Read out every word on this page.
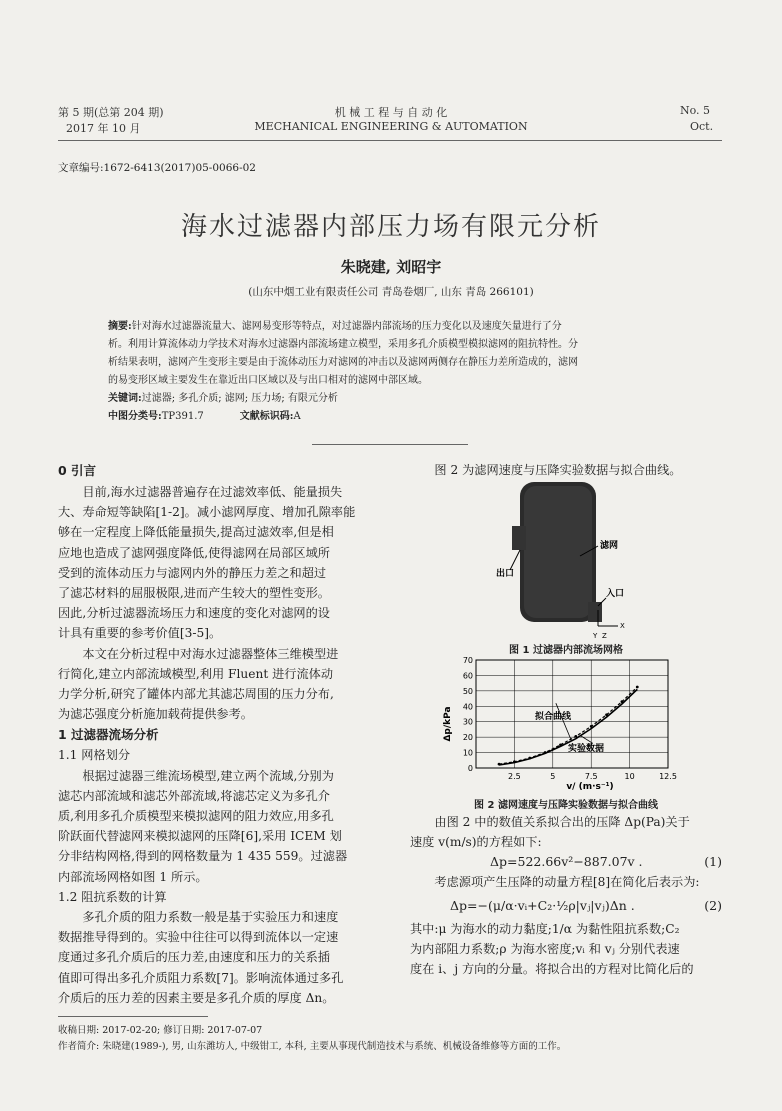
第 5 期(总第 204 期)
2017 年 10 月
机 械 工 程 与 自 动 化
MECHANICAL ENGINEERING & AUTOMATION
No. 5
Oct.
文章编号:1672-6413(2017)05-0066-02
海水过滤器内部压力场有限元分析
朱晓建, 刘昭宇
(山东中烟工业有限责任公司 青岛卷烟厂, 山东 青岛 266101)
摘要:针对海水过滤器流量大、滤网易变形等特点，对过滤器内部流场的压力变化以及速度矢量进行了分
析。利用计算流体动力学技术对海水过滤器内部流场建立模型，采用多孔介质模型模拟滤网的阻抗特性。分
析结果表明，滤网产生变形主要是由于流体动压力对滤网的冲击以及滤网两侧存在静压力差所造成的，滤网
的易变形区域主要发生在靠近出口区域以及与出口相对的滤网中部区域。
关键词:过滤器; 多孔介质; 滤网; 压力场; 有限元分析
中图分类号:TP391.7	文献标识码:A
0 引言
目前,海水过滤器普遍存在过滤效率低、能量损失
大、寿命短等缺陷[1-2]。减小滤网厚度、增加孔隙率能
够在一定程度上降低能量损失,提高过滤效率,但是相
应地也造成了滤网强度降低,使得滤网在局部区域所
受到的流体动压力与滤网内外的静压力差之和超过
了滤芯材料的屈服极限,进而产生较大的塑性变形。
因此,分析过滤器流场压力和速度的变化对滤网的设
计具有重要的参考价值[3-5]。
本文在分析过程中对海水过滤器整体三维模型进
行简化,建立内部流域模型,利用 Fluent 进行流体动
力学分析,研究了罐体内部尤其滤芯周围的压力分布,
为滤芯强度分析施加载荷提供参考。
1 过滤器流场分析
1.1 网格划分
根据过滤器三维流场模型,建立两个流域,分别为
滤芯内部流域和滤芯外部流域,将滤芯定义为多孔介
质,利用多孔介质模型来模拟滤网的阻力效应,用多孔
阶跃面代替滤网来模拟滤网的压降[6],采用 ICEM 划
分非结构网格,得到的网格数量为 1 435 559。过滤器
内部流场网格如图 1 所示。
1.2 阻抗系数的计算
多孔介质的阻力系数一般是基于实验压力和速度
数据推导得到的。实验中往往可以得到流体以一定速
度通过多孔介质后的压力差,由速度和压力的关系插
值即可得出多孔介质阻力系数[7]。影响流体通过多孔
介质后的压力差的因素主要是多孔介质的厚度 Δn。
图 2 为滤网速度与压降实验数据与拟合曲线。
滤网
出口
入口
X
Y Z
图 1 过滤器内部流场网格
0
10
20
30
40
50
60
70
2.5	5	7.5	10	12.5
Δp/kPa
v/ (m·s⁻¹)
拟合曲线
实验数据
图 2 滤网速度与压降实验数据与拟合曲线
由图 2 中的数值关系拟合出的压降 Δp(Pa)关于
速度 v(m/s)的方程如下:
Δp=522.66v²−887.07v .	(1)
考虑源项产生压降的动量方程[8]在简化后表示为:
Δp=−(μ/α·vᵢ+C₂·½ρ|vⱼ|vⱼ)Δn .	(2)
其中:μ 为海水的动力黏度;1/α 为黏性阻抗系数;C₂
为内部阻力系数;ρ 为海水密度;vᵢ 和 vⱼ 分别代表速
度在 i、j 方向的分量。将拟合出的方程对比简化后的
收稿日期: 2017-02-20; 修订日期: 2017-07-07
作者简介: 朱晓建(1989-), 男, 山东潍坊人, 中级钳工, 本科, 主要从事现代制造技术与系统、机械设备维修等方面的工作。
